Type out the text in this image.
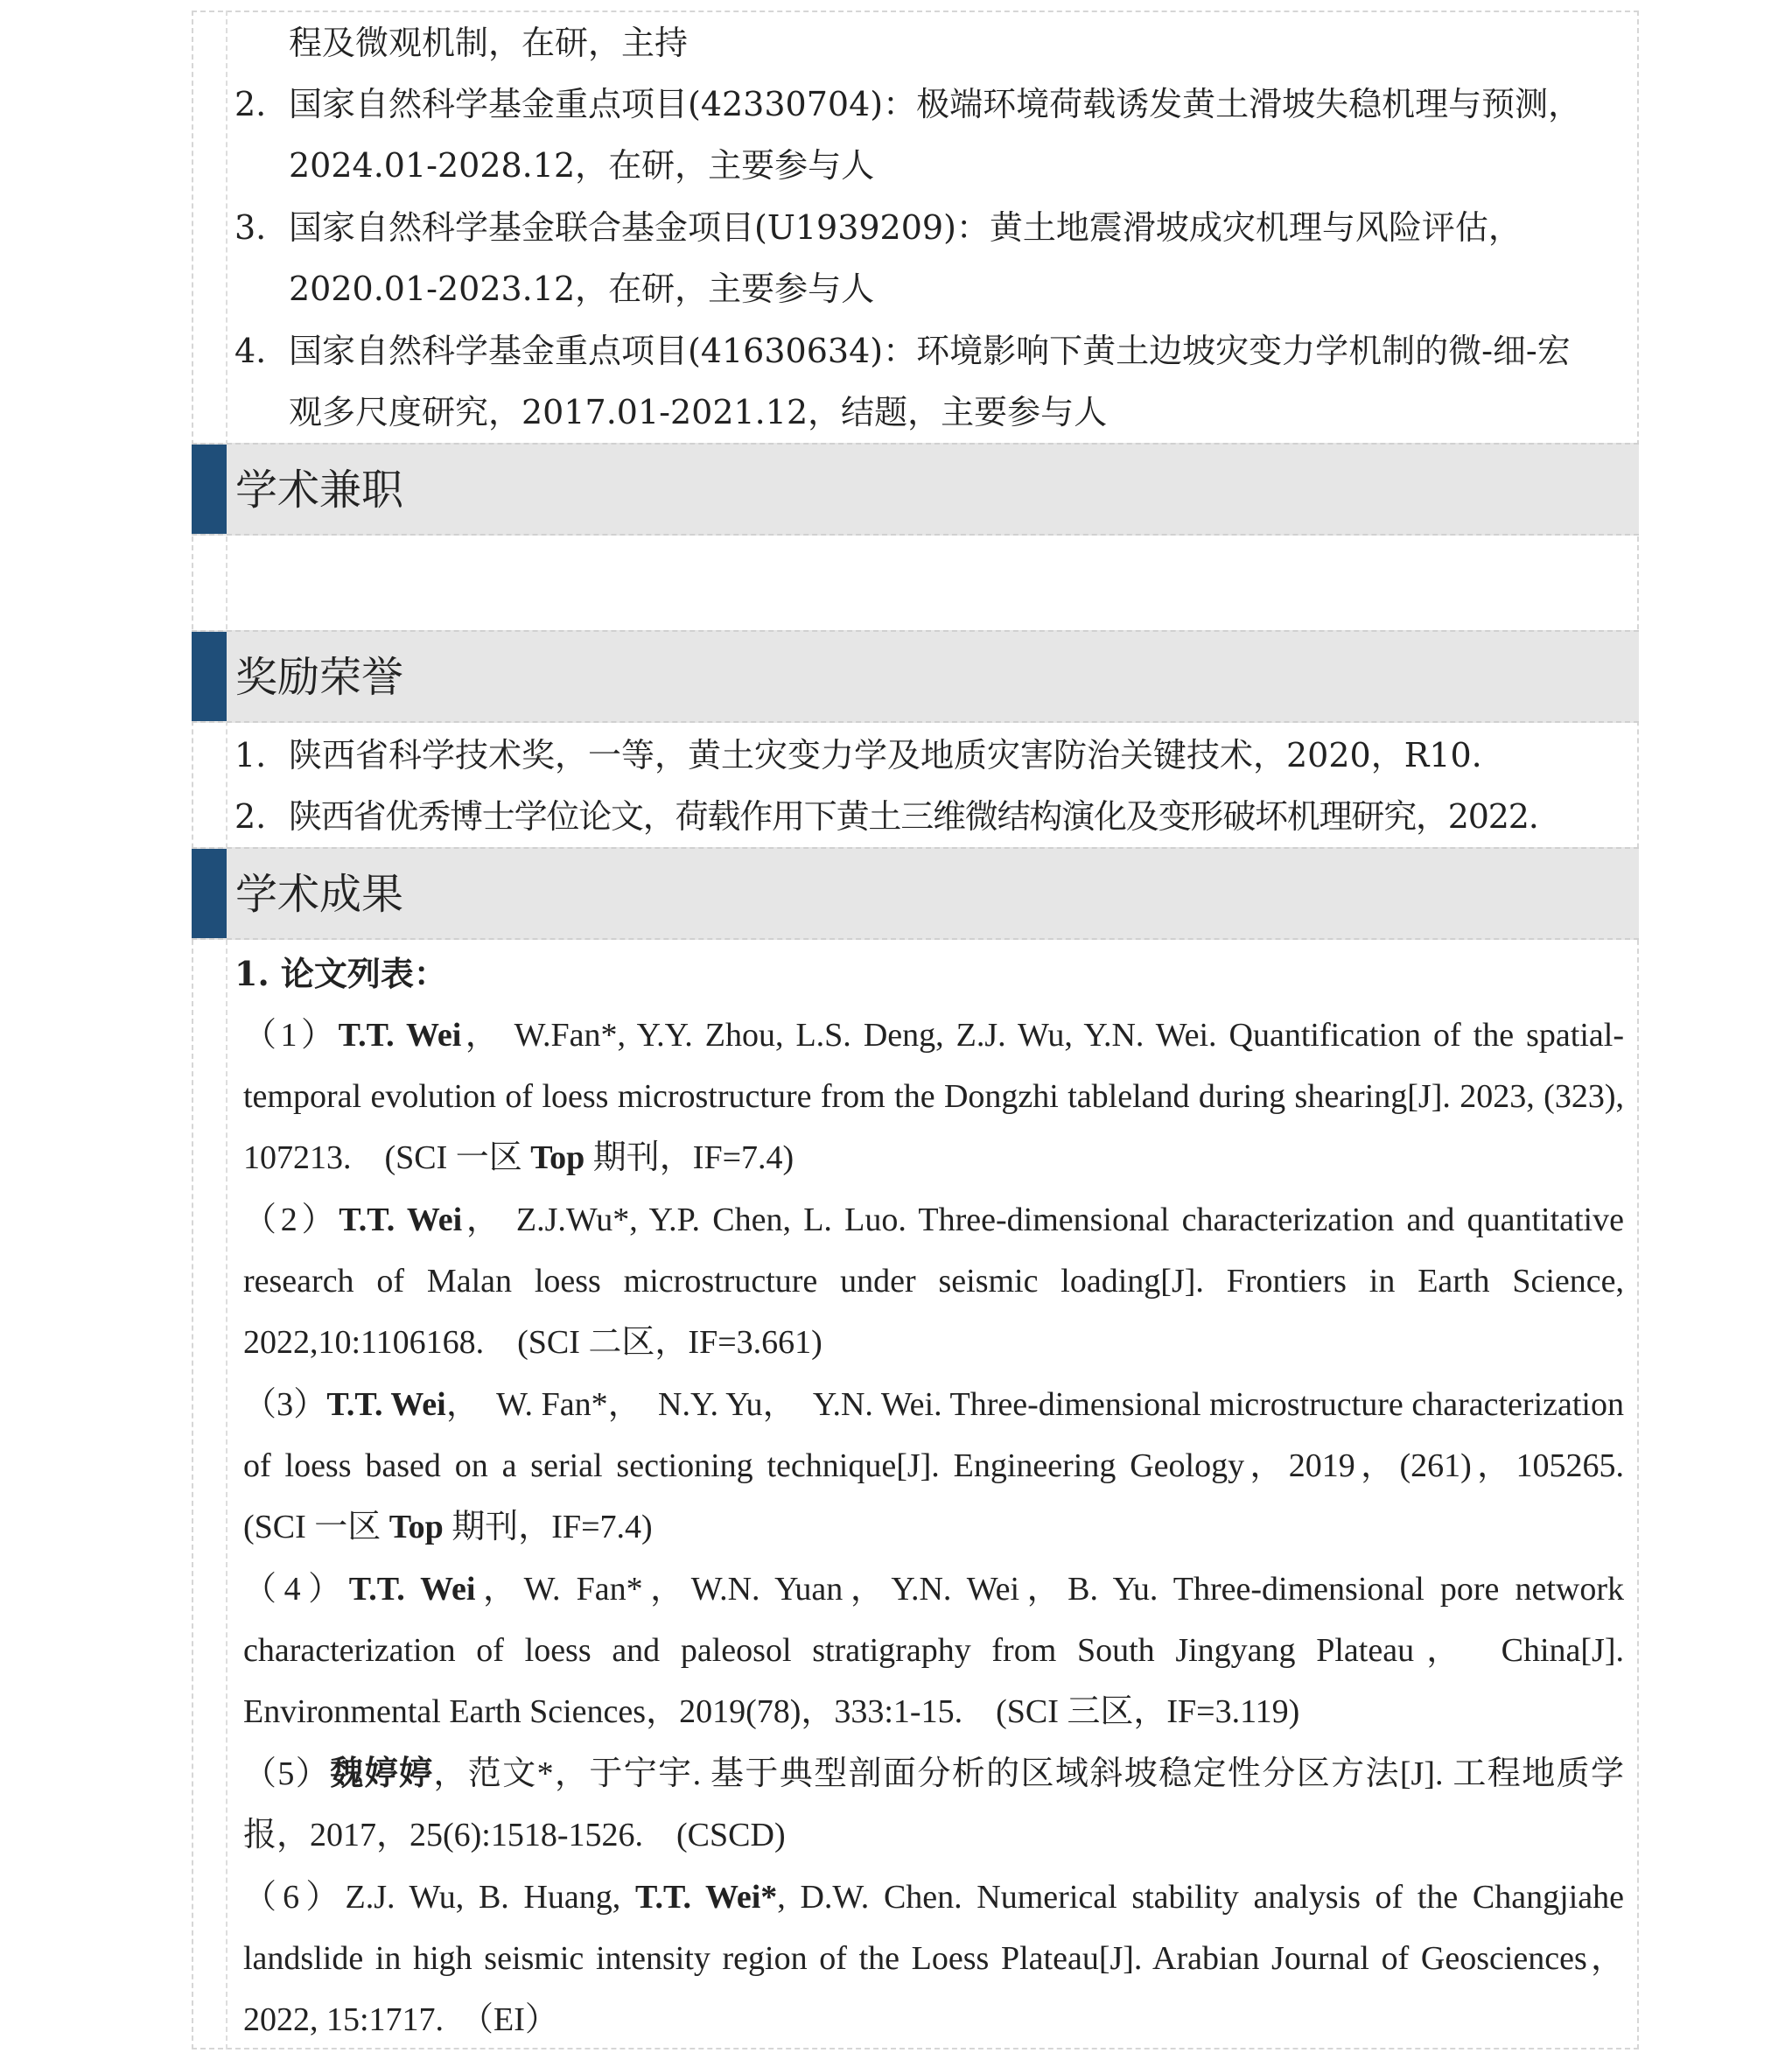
程及微观机制，在研，主持
2. 国家自然科学基金重点项目(42330704)：极端环境荷载诱发黄土滑坡失稳机理与预测，
2024.01-2028.12，在研，主要参与人
3. 国家自然科学基金联合基金项目(U1939209)：黄土地震滑坡成灾机理与风险评估，
2020.01-2023.12，在研，主要参与人
4. 国家自然科学基金重点项目(41630634)：环境影响下黄土边坡灾变力学机制的微-细-宏
观多尺度研究，2017.01-2021.12，结题，主要参与人
学术兼职
奖励荣誉
1. 陕西省科学技术奖，一等，黄土灾变力学及地质灾害防治关键技术，2020，R10.
2. 陕西省优秀博士学位论文，荷载作用下黄土三维微结构演化及变形破坏机理研究，2022.
学术成果
1. 论文列表：
（1）T.T. Wei， W.Fan*, Y.Y. Zhou, L.S. Deng, Z.J. Wu, Y.N. Wei. Quantification of the spatial-temporal evolution of loess microstructure from the Dongzhi tableland during shearing[J]. 2023, (323), 107213.　(SCI 一区 Top 期刊，IF=7.4)
（2）T.T. Wei， Z.J.Wu*, Y.P. Chen, L. Luo. Three-dimensional characterization and quantitative research of Malan loess microstructure under seismic loading[J]. Frontiers in Earth Science, 2022,10:1106168.　(SCI 二区，IF=3.661)
（3）T.T. Wei，　W. Fan*，　N.Y. Yu，　Y.N. Wei. Three-dimensional microstructure characterization of loess based on a serial sectioning technique[J]. Engineering Geology，2019，(261)，105265.　(SCI 一区 Top 期刊，IF=7.4)
（4）T.T. Wei，W. Fan*，W.N. Yuan，Y.N. Wei，B. Yu. Three-dimensional pore network characterization of loess and paleosol stratigraphy from South Jingyang Plateau，　China[J]. Environmental Earth Sciences，2019(78)，333:1-15.　(SCI 三区，IF=3.119)
（5）魏婷婷，范文*，于宁宇. 基于典型剖面分析的区域斜坡稳定性分区方法[J]. 工程地质学报，2017，25(6):1518-1526.　(CSCD)
（6）Z.J. Wu, B. Huang, T.T. Wei*, D.W. Chen. Numerical stability analysis of the Changjiahe landslide in high seismic intensity region of the Loess Plateau[J]. Arabian Journal of Geosciences，2022, 15:1717.　（EI）
